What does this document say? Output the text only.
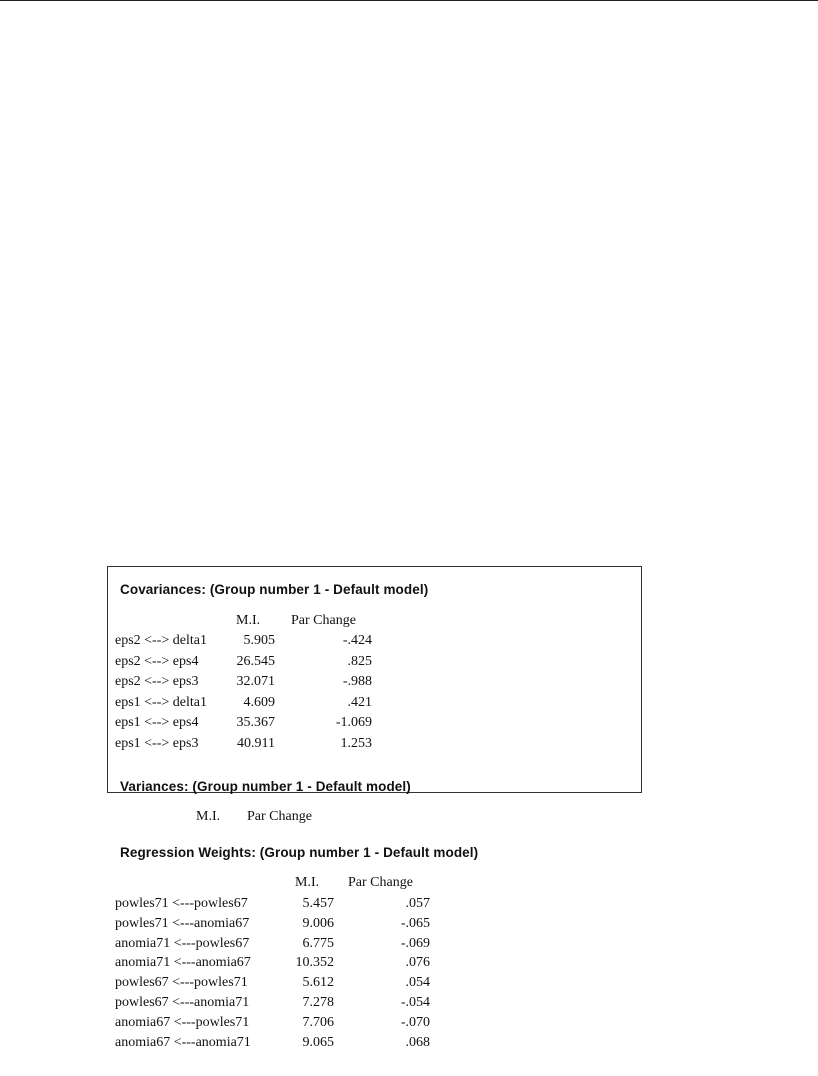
Covariances: (Group number 1 - Default model)
M.I. Par Change
eps2 <--> delta1	5.905	-.424
eps2 <--> eps4	26.545	.825
eps2 <--> eps3	32.071	-.988
eps1 <--> delta1	4.609	.421
eps1 <--> eps4	35.367	-1.069
eps1 <--> eps3	40.911	1.253
Variances: (Group number 1 - Default model)
M.I. Par Change
Regression Weights: (Group number 1 - Default model)
M.I. Par Change
powles71 <---powles67	5.457	.057
powles71 <---anomia67	9.006	-.065
anomia71 <---powles67	6.775	-.069
anomia71 <---anomia67	10.352	.076
powles67 <---powles71	5.612	.054
powles67 <---anomia71	7.278	-.054
anomia67 <---powles71	7.706	-.070
anomia67 <---anomia71	9.065	.068
